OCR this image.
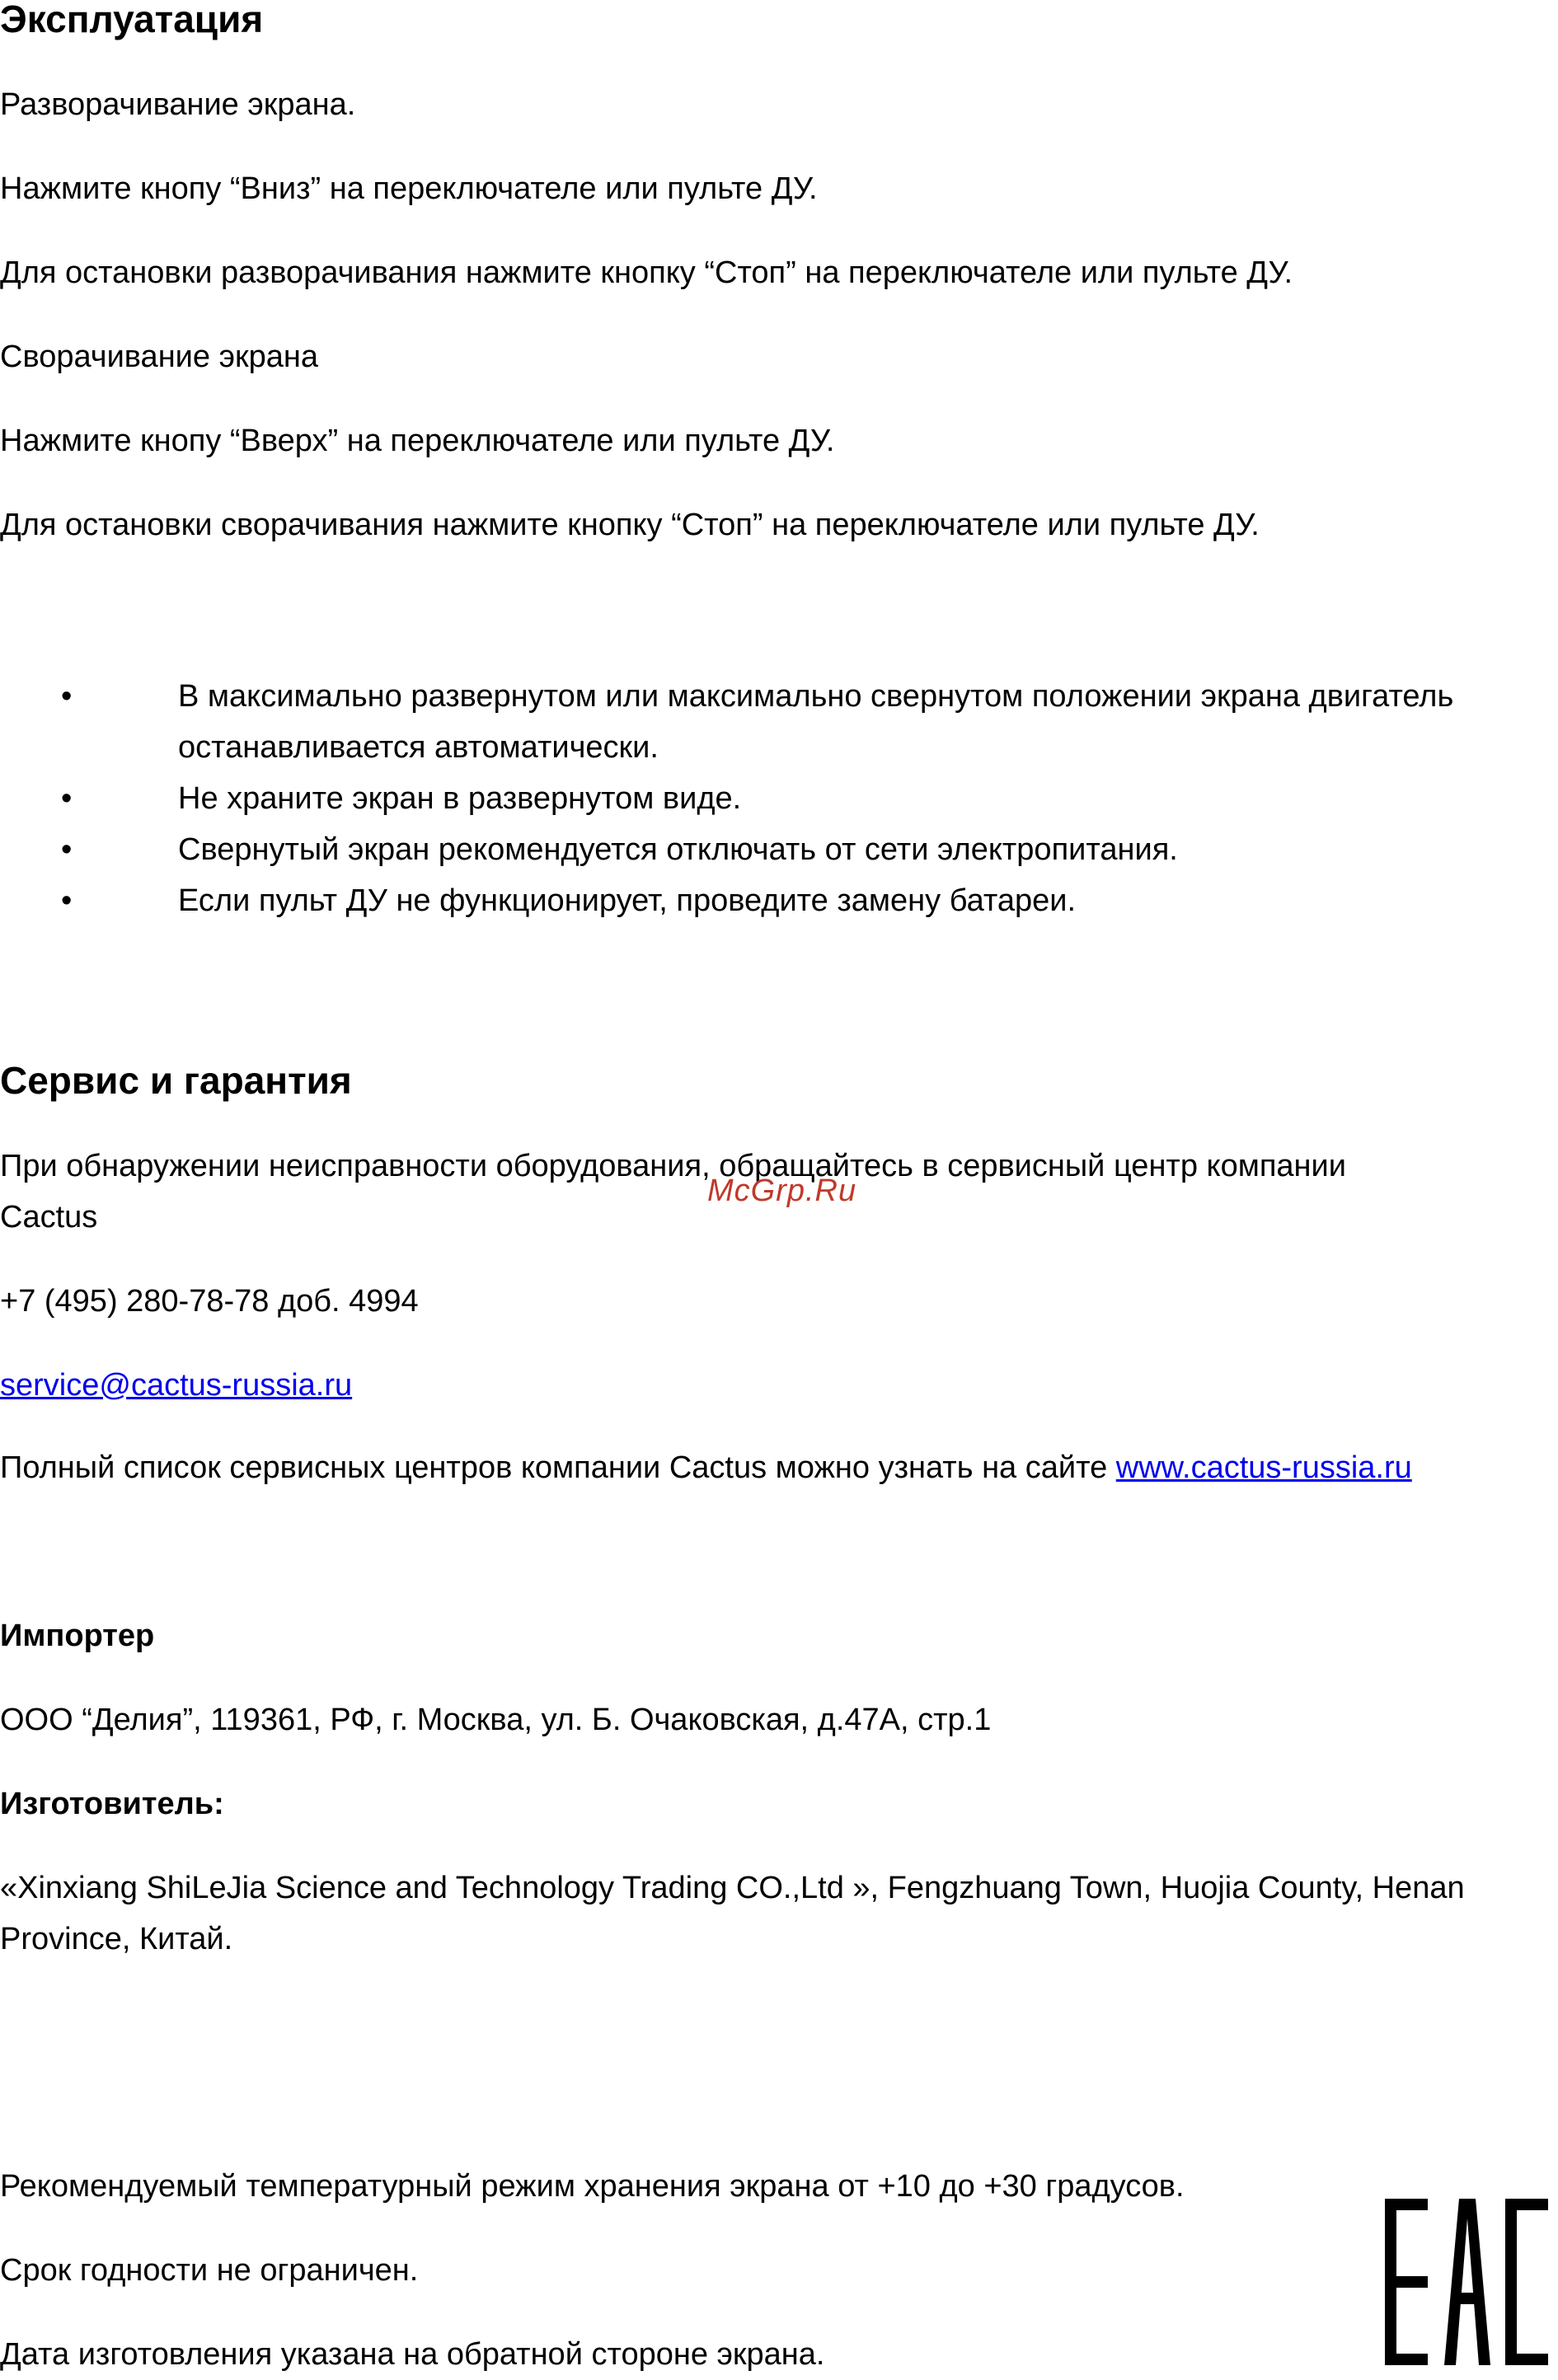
Эксплуатация

Разворачивание экрана.

Нажмите кнопу “Вниз” на переключателе или пульте ДУ.

Для остановки разворачивания нажмите кнопку “Стоп” на переключателе или пульте ДУ.

Сворачивание экрана

Нажмите кнопу “Вверх” на переключателе или пульте ДУ.

Для остановки сворачивания нажмите кнопку “Стоп” на переключателе или пульте ДУ.

•	В максимально развернутом или максимально свернутом положении экрана двигатель
останавливается автоматически.
•	Не храните экран в развернутом виде.
•	Свернутый экран рекомендуется отключать от сети электропитания.
•	Если пульт ДУ не функционирует, проведите замену батареи.
Сервис и гарантия

При обнаружении неисправности оборудования, обращайтесь в сервисный центр компании

Cactus

+7 (495) 280-78-78 доб. 4994

service@cactus-russia.ru

Полный список сервисных центров компании Cactus можно узнать на сайте www.cactus-russia.ru

McGrp.Ru
Импортер

ООО “Делия”, 119361, РФ, г. Москва, ул. Б. Очаковская, д.47А, стр.1

Изготовитель:

«Xinxiang ShiLeJia Science and Technology Trading CO.,Ltd », Fengzhuang Town, Huojia County, Henan

Province, Китай.

Рекомендуемый температурный режим хранения экрана от +10 до +30 градусов.

Срок годности не ограничен.

Дата изготовления указана на обратной стороне экрана.
